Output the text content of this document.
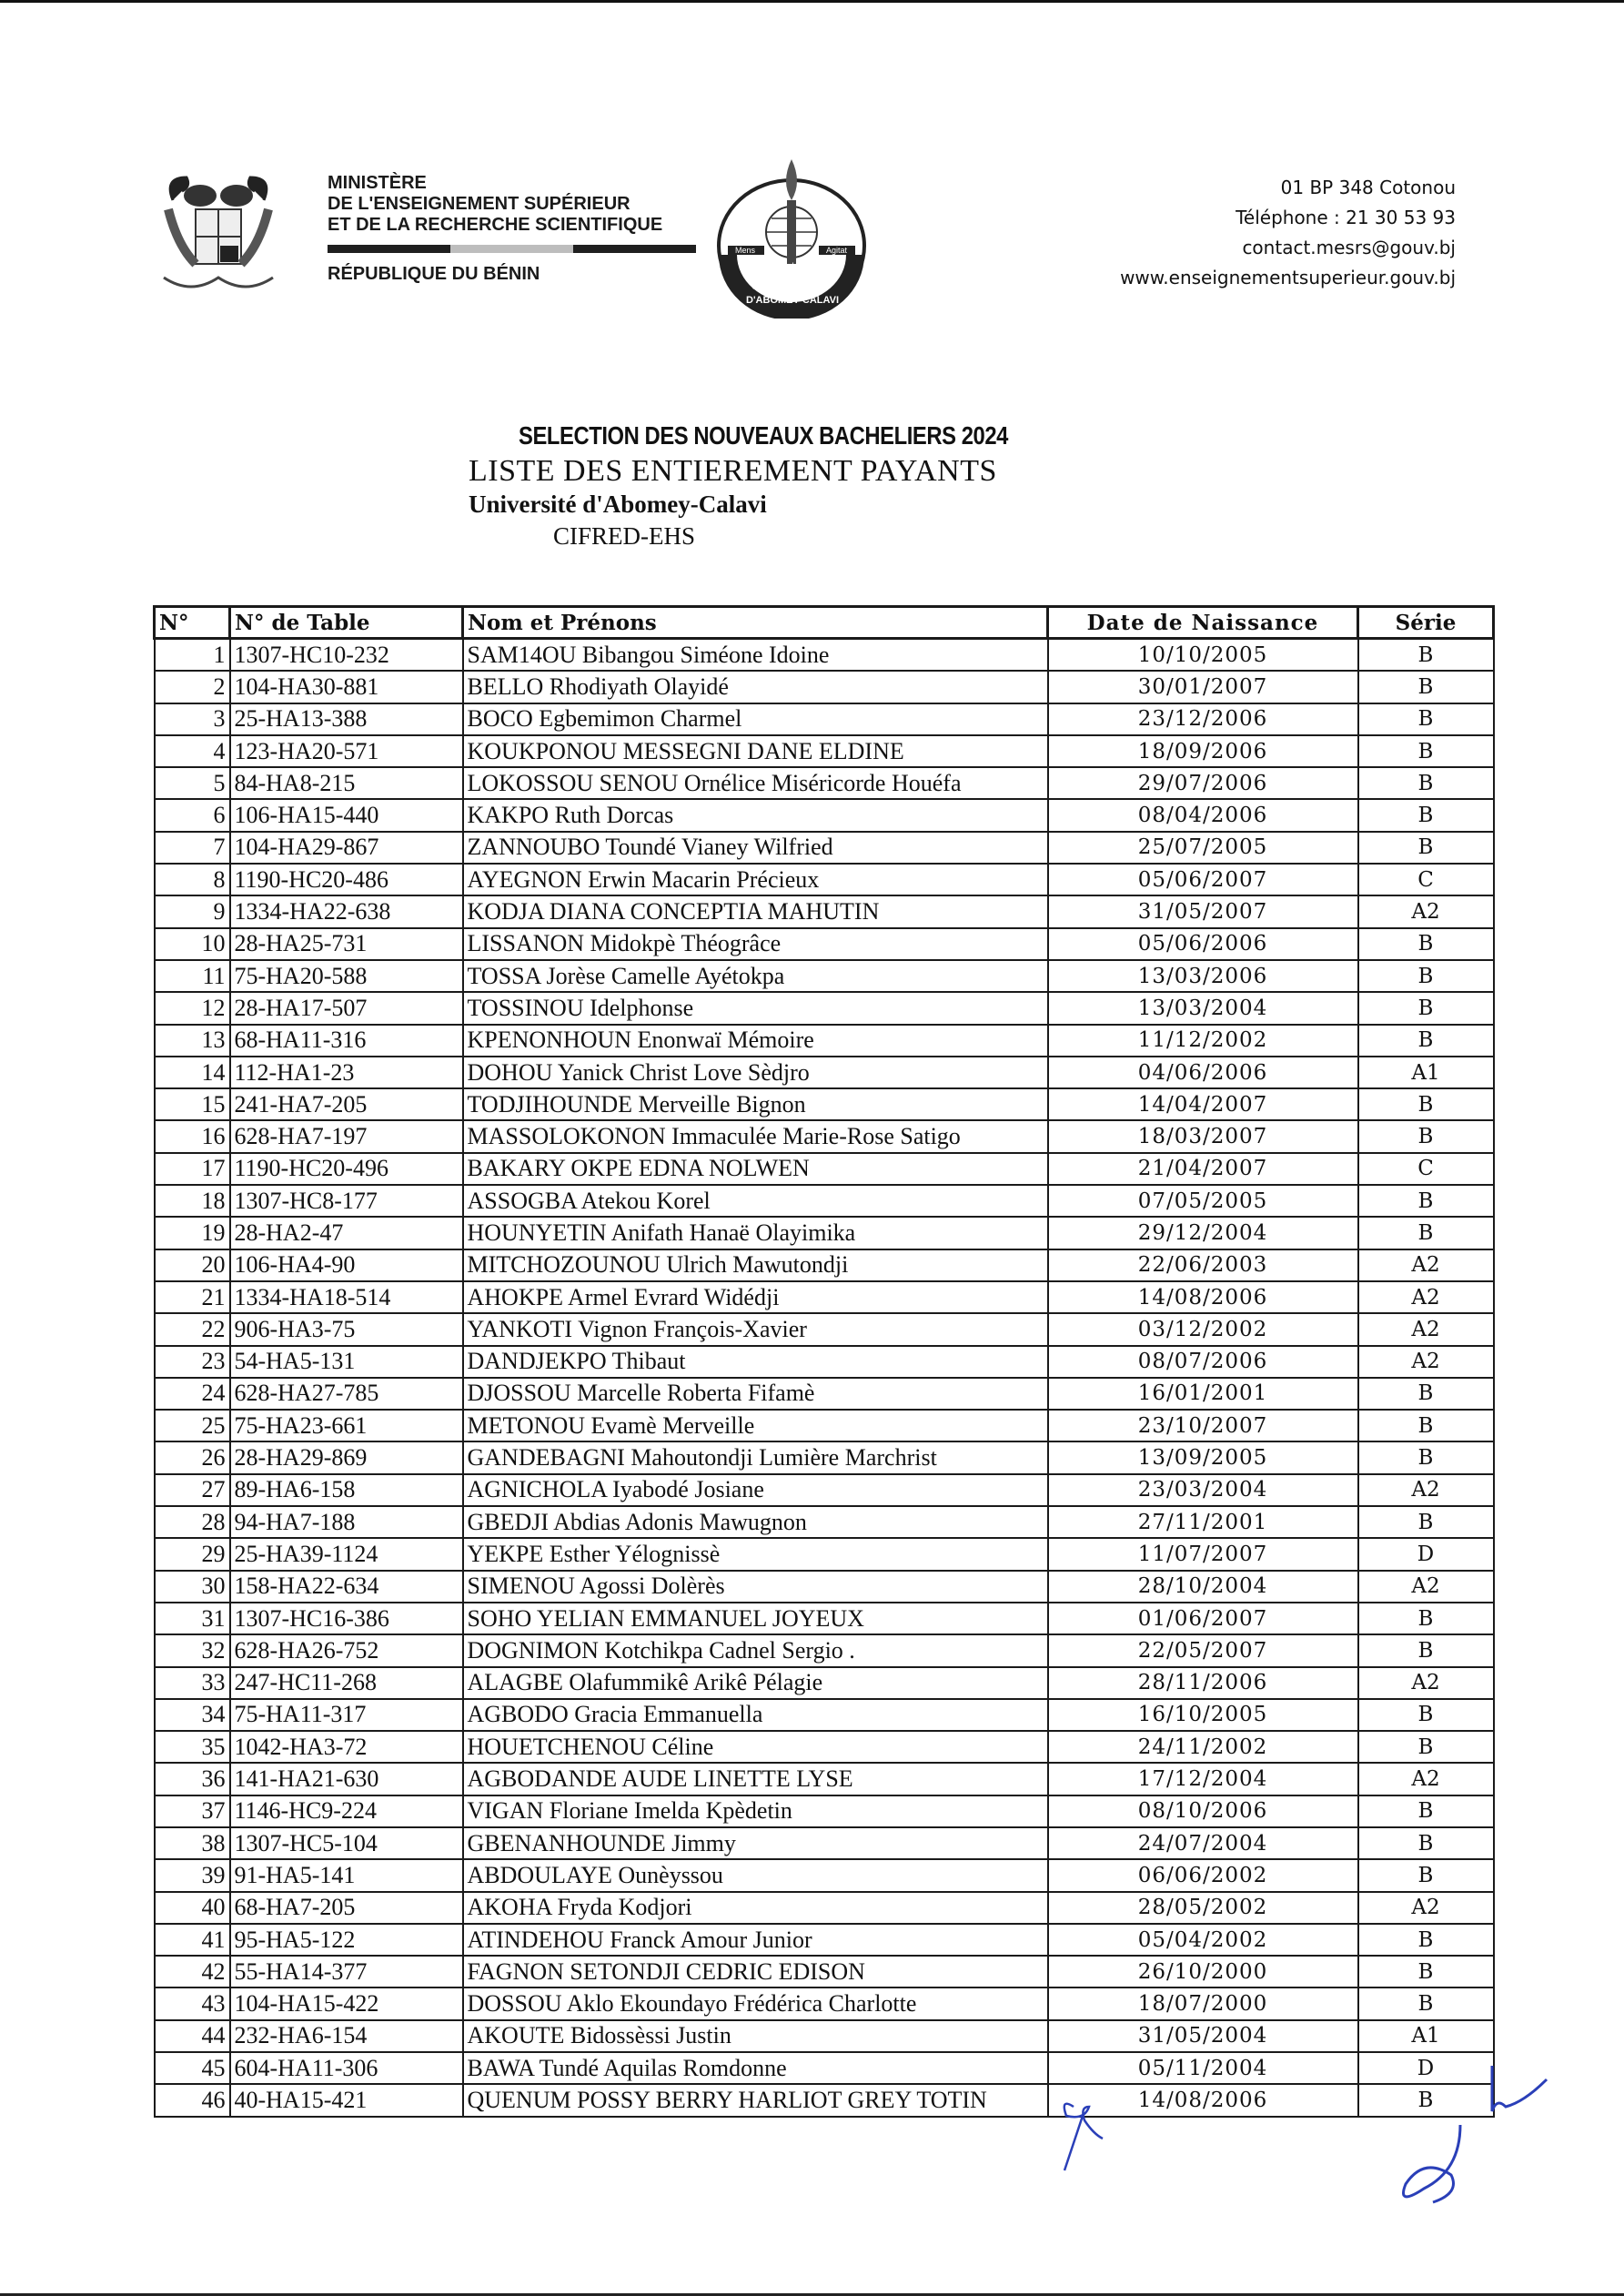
MINISTÈRE
DE L'ENSEIGNEMENT SUPÉRIEUR
ET DE LA RECHERCHE SCIENTIFIQUE
RÉPUBLIQUE DU BÉNIN
Mens
Molem
Agitat
UNIVERSITÉ
D'ABOMEY-CALAVI
01 BP 348 Cotonou
Téléphone : 21 30 53 93
contact.mesrs@gouv.bj
www.enseignementsuperieur.gouv.bj
SELECTION DES NOUVEAUX BACHELIERS 2024
LISTE DES ENTIEREMENT PAYANTS
Université d'Abomey-Calavi
CIFRED-EHS
N°	N° de Table	Nom et Prénons	Date de Naissance	Série
1	1307-HC10-232	SAM14OU Bibangou Siméone Idoine	10/10/2005	B
2	104-HA30-881	BELLO Rhodiyath Olayidé	30/01/2007	B
3	25-HA13-388	BOCO Egbemimon Charmel	23/12/2006	B
4	123-HA20-571	KOUKPONOU MESSEGNI DANE ELDINE	18/09/2006	B
5	84-HA8-215	LOKOSSOU SENOU Ornélice Miséricorde Houéfa	29/07/2006	B
6	106-HA15-440	KAKPO Ruth Dorcas	08/04/2006	B
7	104-HA29-867	ZANNOUBO Toundé Vianey Wilfried	25/07/2005	B
8	1190-HC20-486	AYEGNON Erwin Macarin Précieux	05/06/2007	C
9	1334-HA22-638	KODJA DIANA CONCEPTIA MAHUTIN	31/05/2007	A2
10	28-HA25-731	LISSANON Midokpè Théogrâce	05/06/2006	B
11	75-HA20-588	TOSSA Jorèse Camelle Ayétokpa	13/03/2006	B
12	28-HA17-507	TOSSINOU Idelphonse	13/03/2004	B
13	68-HA11-316	KPENONHOUN Enonwaï Mémoire	11/12/2002	B
14	112-HA1-23	DOHOU Yanick Christ Love Sèdjro	04/06/2006	A1
15	241-HA7-205	TODJIHOUNDE Merveille Bignon	14/04/2007	B
16	628-HA7-197	MASSOLOKONON Immaculée Marie-Rose Satigo	18/03/2007	B
17	1190-HC20-496	BAKARY OKPE EDNA NOLWEN	21/04/2007	C
18	1307-HC8-177	ASSOGBA Atekou Korel	07/05/2005	B
19	28-HA2-47	HOUNYETIN Anifath Hanaë Olayimika	29/12/2004	B
20	106-HA4-90	MITCHOZOUNOU Ulrich Mawutondji	22/06/2003	A2
21	1334-HA18-514	AHOKPE Armel Evrard Widédji	14/08/2006	A2
22	906-HA3-75	YANKOTI Vignon François-Xavier	03/12/2002	A2
23	54-HA5-131	DANDJEKPO Thibaut	08/07/2006	A2
24	628-HA27-785	DJOSSOU Marcelle Roberta Fifamè	16/01/2001	B
25	75-HA23-661	METONOU Evamè Merveille	23/10/2007	B
26	28-HA29-869	GANDEBAGNI Mahoutondji Lumière Marchrist	13/09/2005	B
27	89-HA6-158	AGNICHOLA Iyabodé Josiane	23/03/2004	A2
28	94-HA7-188	GBEDJI Abdias Adonis Mawugnon	27/11/2001	B
29	25-HA39-1124	YEKPE Esther Yélognissè	11/07/2007	D
30	158-HA22-634	SIMENOU Agossi Dolèrès	28/10/2004	A2
31	1307-HC16-386	SOHO YELIAN EMMANUEL JOYEUX	01/06/2007	B
32	628-HA26-752	DOGNIMON Kotchikpa Cadnel Sergio .	22/05/2007	B
33	247-HC11-268	ALAGBE Olafummikê Arikê Pélagie	28/11/2006	A2
34	75-HA11-317	AGBODO Gracia Emmanuella	16/10/2005	B
35	1042-HA3-72	HOUETCHENOU Céline	24/11/2002	B
36	141-HA21-630	AGBODANDE AUDE LINETTE LYSE	17/12/2004	A2
37	1146-HC9-224	VIGAN Floriane Imelda Kpèdetin	08/10/2006	B
38	1307-HC5-104	GBENANHOUNDE Jimmy	24/07/2004	B
39	91-HA5-141	ABDOULAYE Ounèyssou	06/06/2002	B
40	68-HA7-205	AKOHA Fryda Kodjori	28/05/2002	A2
41	95-HA5-122	ATINDEHOU Franck Amour Junior	05/04/2002	B
42	55-HA14-377	FAGNON SETONDJI CEDRIC EDISON	26/10/2000	B
43	104-HA15-422	DOSSOU Aklo Ekoundayo Frédérica Charlotte	18/07/2000	B
44	232-HA6-154	AKOUTE Bidossèssi Justin	31/05/2004	A1
45	604-HA11-306	BAWA Tundé Aquilas Romdonne	05/11/2004	D
46	40-HA15-421	QUENUM POSSY BERRY HARLIOT GREY TOTIN	14/08/2006	B
